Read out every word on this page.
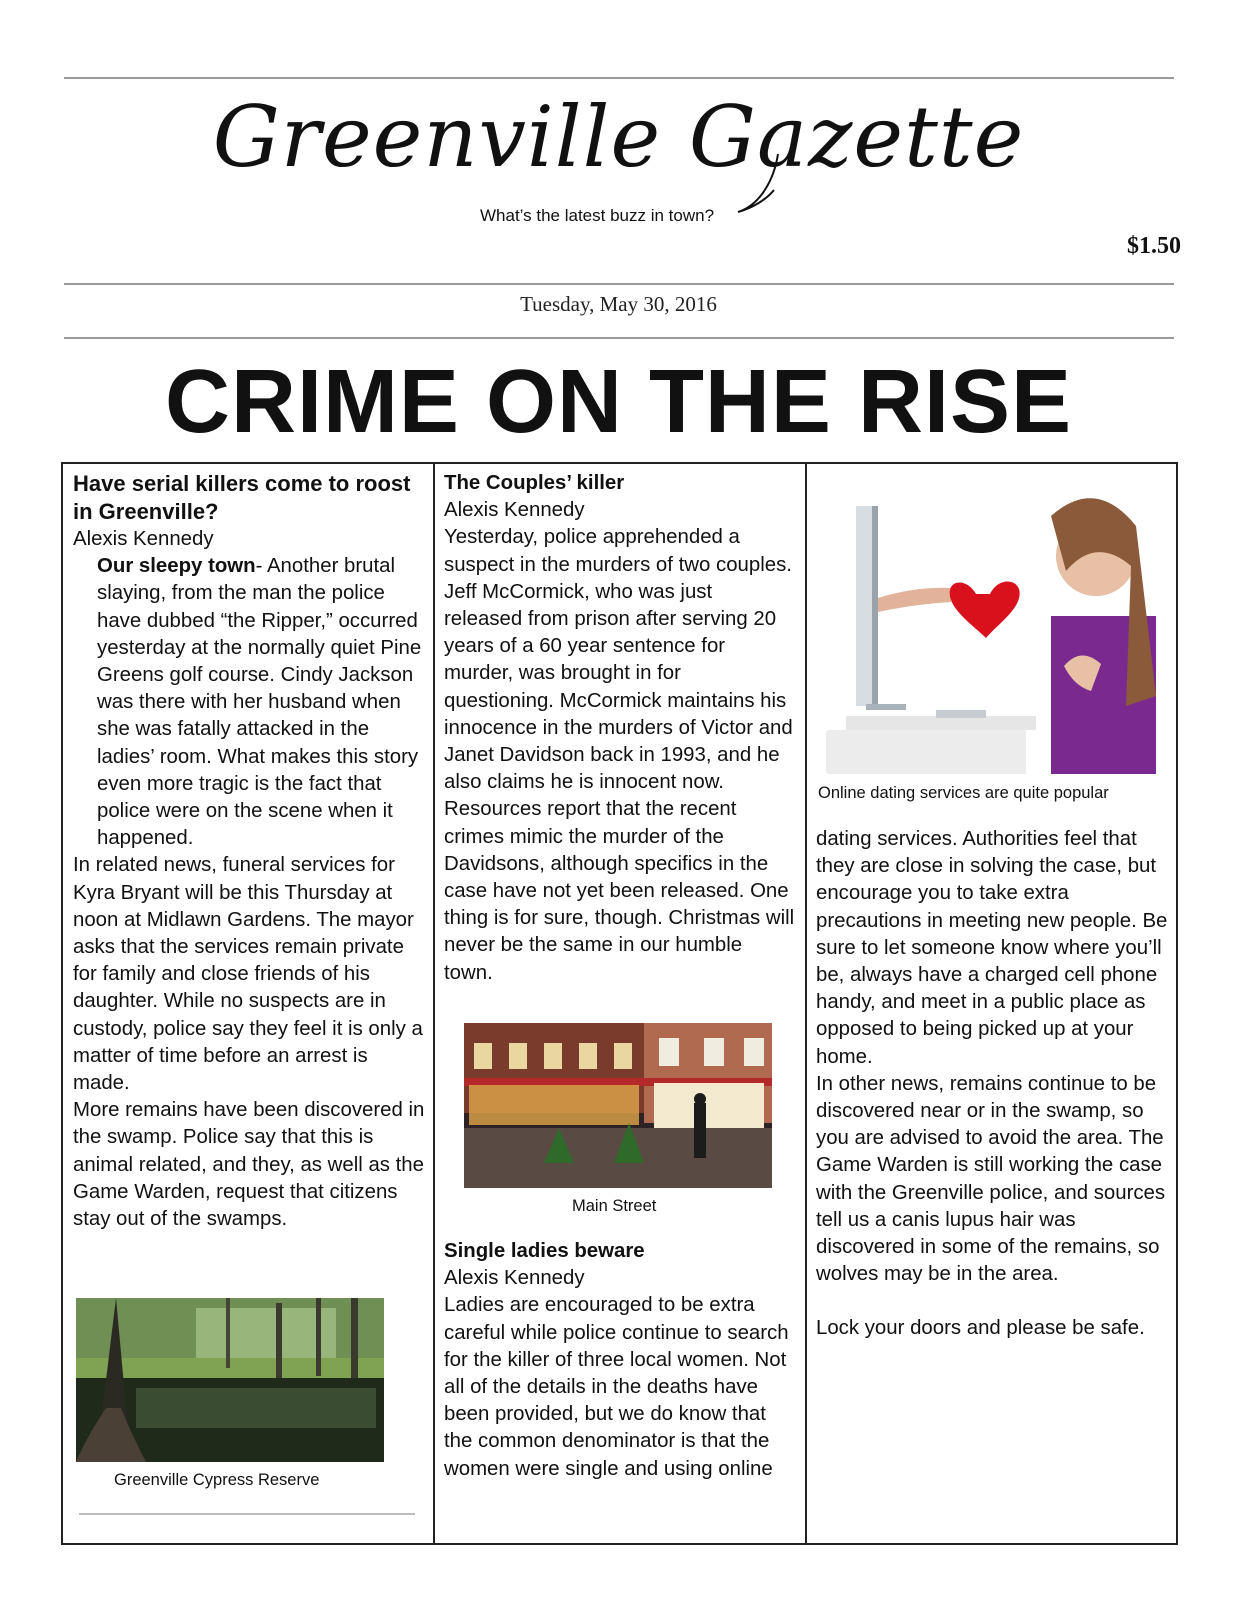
Greenville Gazette
What’s the latest buzz in town?
$1.50
Tuesday, May 30, 2016
CRIME ON THE RISE
Have serial killers come to roost in Greenville?
Alexis Kennedy
Our sleepy town- Another brutal slaying, from the man the police have dubbed “the Ripper,” occurred yesterday at the normally quiet Pine Greens golf course. Cindy Jackson was there with her husband when she was fatally attacked in the ladies’ room. What makes this story even more tragic is the fact that police were on the scene when it happened.
In related news, funeral services for Kyra Bryant will be this Thursday at noon at Midlawn Gardens. The mayor asks that the services remain private for family and close friends of his daughter. While no suspects are in custody, police say they feel it is only a matter of time before an arrest is made.
More remains have been discovered in the swamp. Police say that this is animal related, and they, as well as the Game Warden, request that citizens stay out of the swamps.
Greenville Cypress Reserve
The Couples’ killer
Alexis Kennedy
Yesterday, police apprehended a suspect in the murders of two couples. Jeff McCormick, who was just released from prison after serving 20 years of a 60 year sentence for murder, was brought in for questioning. McCormick maintains his innocence in the murders of Victor and Janet Davidson back in 1993, and he also claims he is innocent now. Resources report that the recent crimes mimic the murder of the Davidsons, although specifics in the case have not yet been released. One thing is for sure, though. Christmas will never be the same in our humble town.
Main Street
Single ladies beware
Alexis Kennedy
Ladies are encouraged to be extra careful while police continue to search for the killer of three local women. Not all of the details in the deaths have been provided, but we do know that the common denominator is that the women were single and using online
Online dating services are quite popular
dating services. Authorities feel that they are close in solving the case, but encourage you to take extra precautions in meeting new people. Be sure to let someone know where you’ll be, always have a charged cell phone handy, and meet in a public place as opposed to being picked up at your home.
In other news, remains continue to be discovered near or in the swamp, so you are advised to avoid the area. The Game Warden is still working the case with the Greenville police, and sources tell us a canis lupus hair was discovered in some of the remains, so wolves may be in the area.
Lock your doors and please be safe.
